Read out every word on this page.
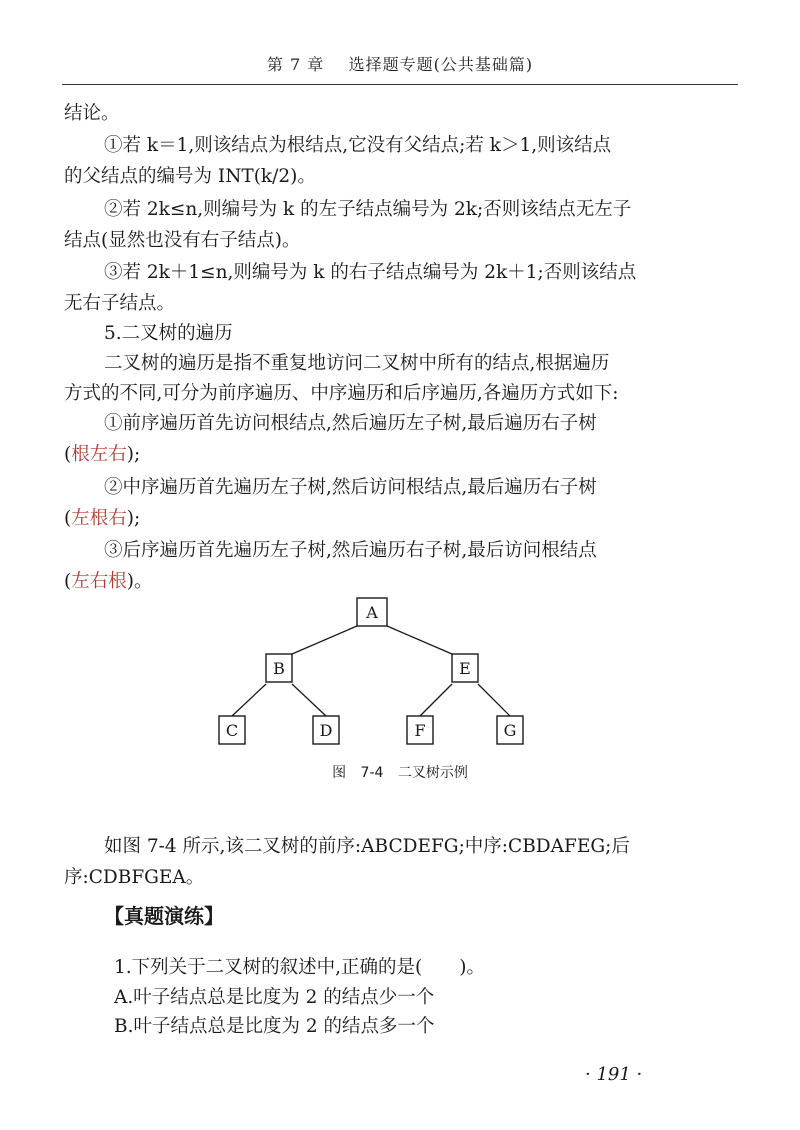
第 7 章 选择题专题(公共基础篇)
结论。
①若 k＝1,则该结点为根结点,它没有父结点;若 k＞1,则该结点
的父结点的编号为 INT(k/2)。
②若 2k≤n,则编号为 k 的左子结点编号为 2k;否则该结点无左子
结点(显然也没有右子结点)。
③若 2k＋1≤n,则编号为 k 的右子结点编号为 2k＋1;否则该结点
无右子结点。
5.二叉树的遍历
二叉树的遍历是指不重复地访问二叉树中所有的结点,根据遍历
方式的不同,可分为前序遍历、中序遍历和后序遍历,各遍历方式如下:
①前序遍历首先访问根结点,然后遍历左子树,最后遍历右子树
(根左右);
②中序遍历首先遍历左子树,然后访问根结点,最后遍历右子树
(左根右);
③后序遍历首先遍历左子树,然后遍历右子树,最后访问根结点
(左右根)。
A
B	E
C	D	F	G
图 7-4 二叉树示例
如图 7-4 所示,该二叉树的前序:ABCDEFG;中序:CBDAFEG;后
序:CDBFGEA。
【真题演练】
1.下列关于二叉树的叙述中,正确的是(　　)。
A.叶子结点总是比度为 2 的结点少一个
B.叶子结点总是比度为 2 的结点多一个
· 191 ·
